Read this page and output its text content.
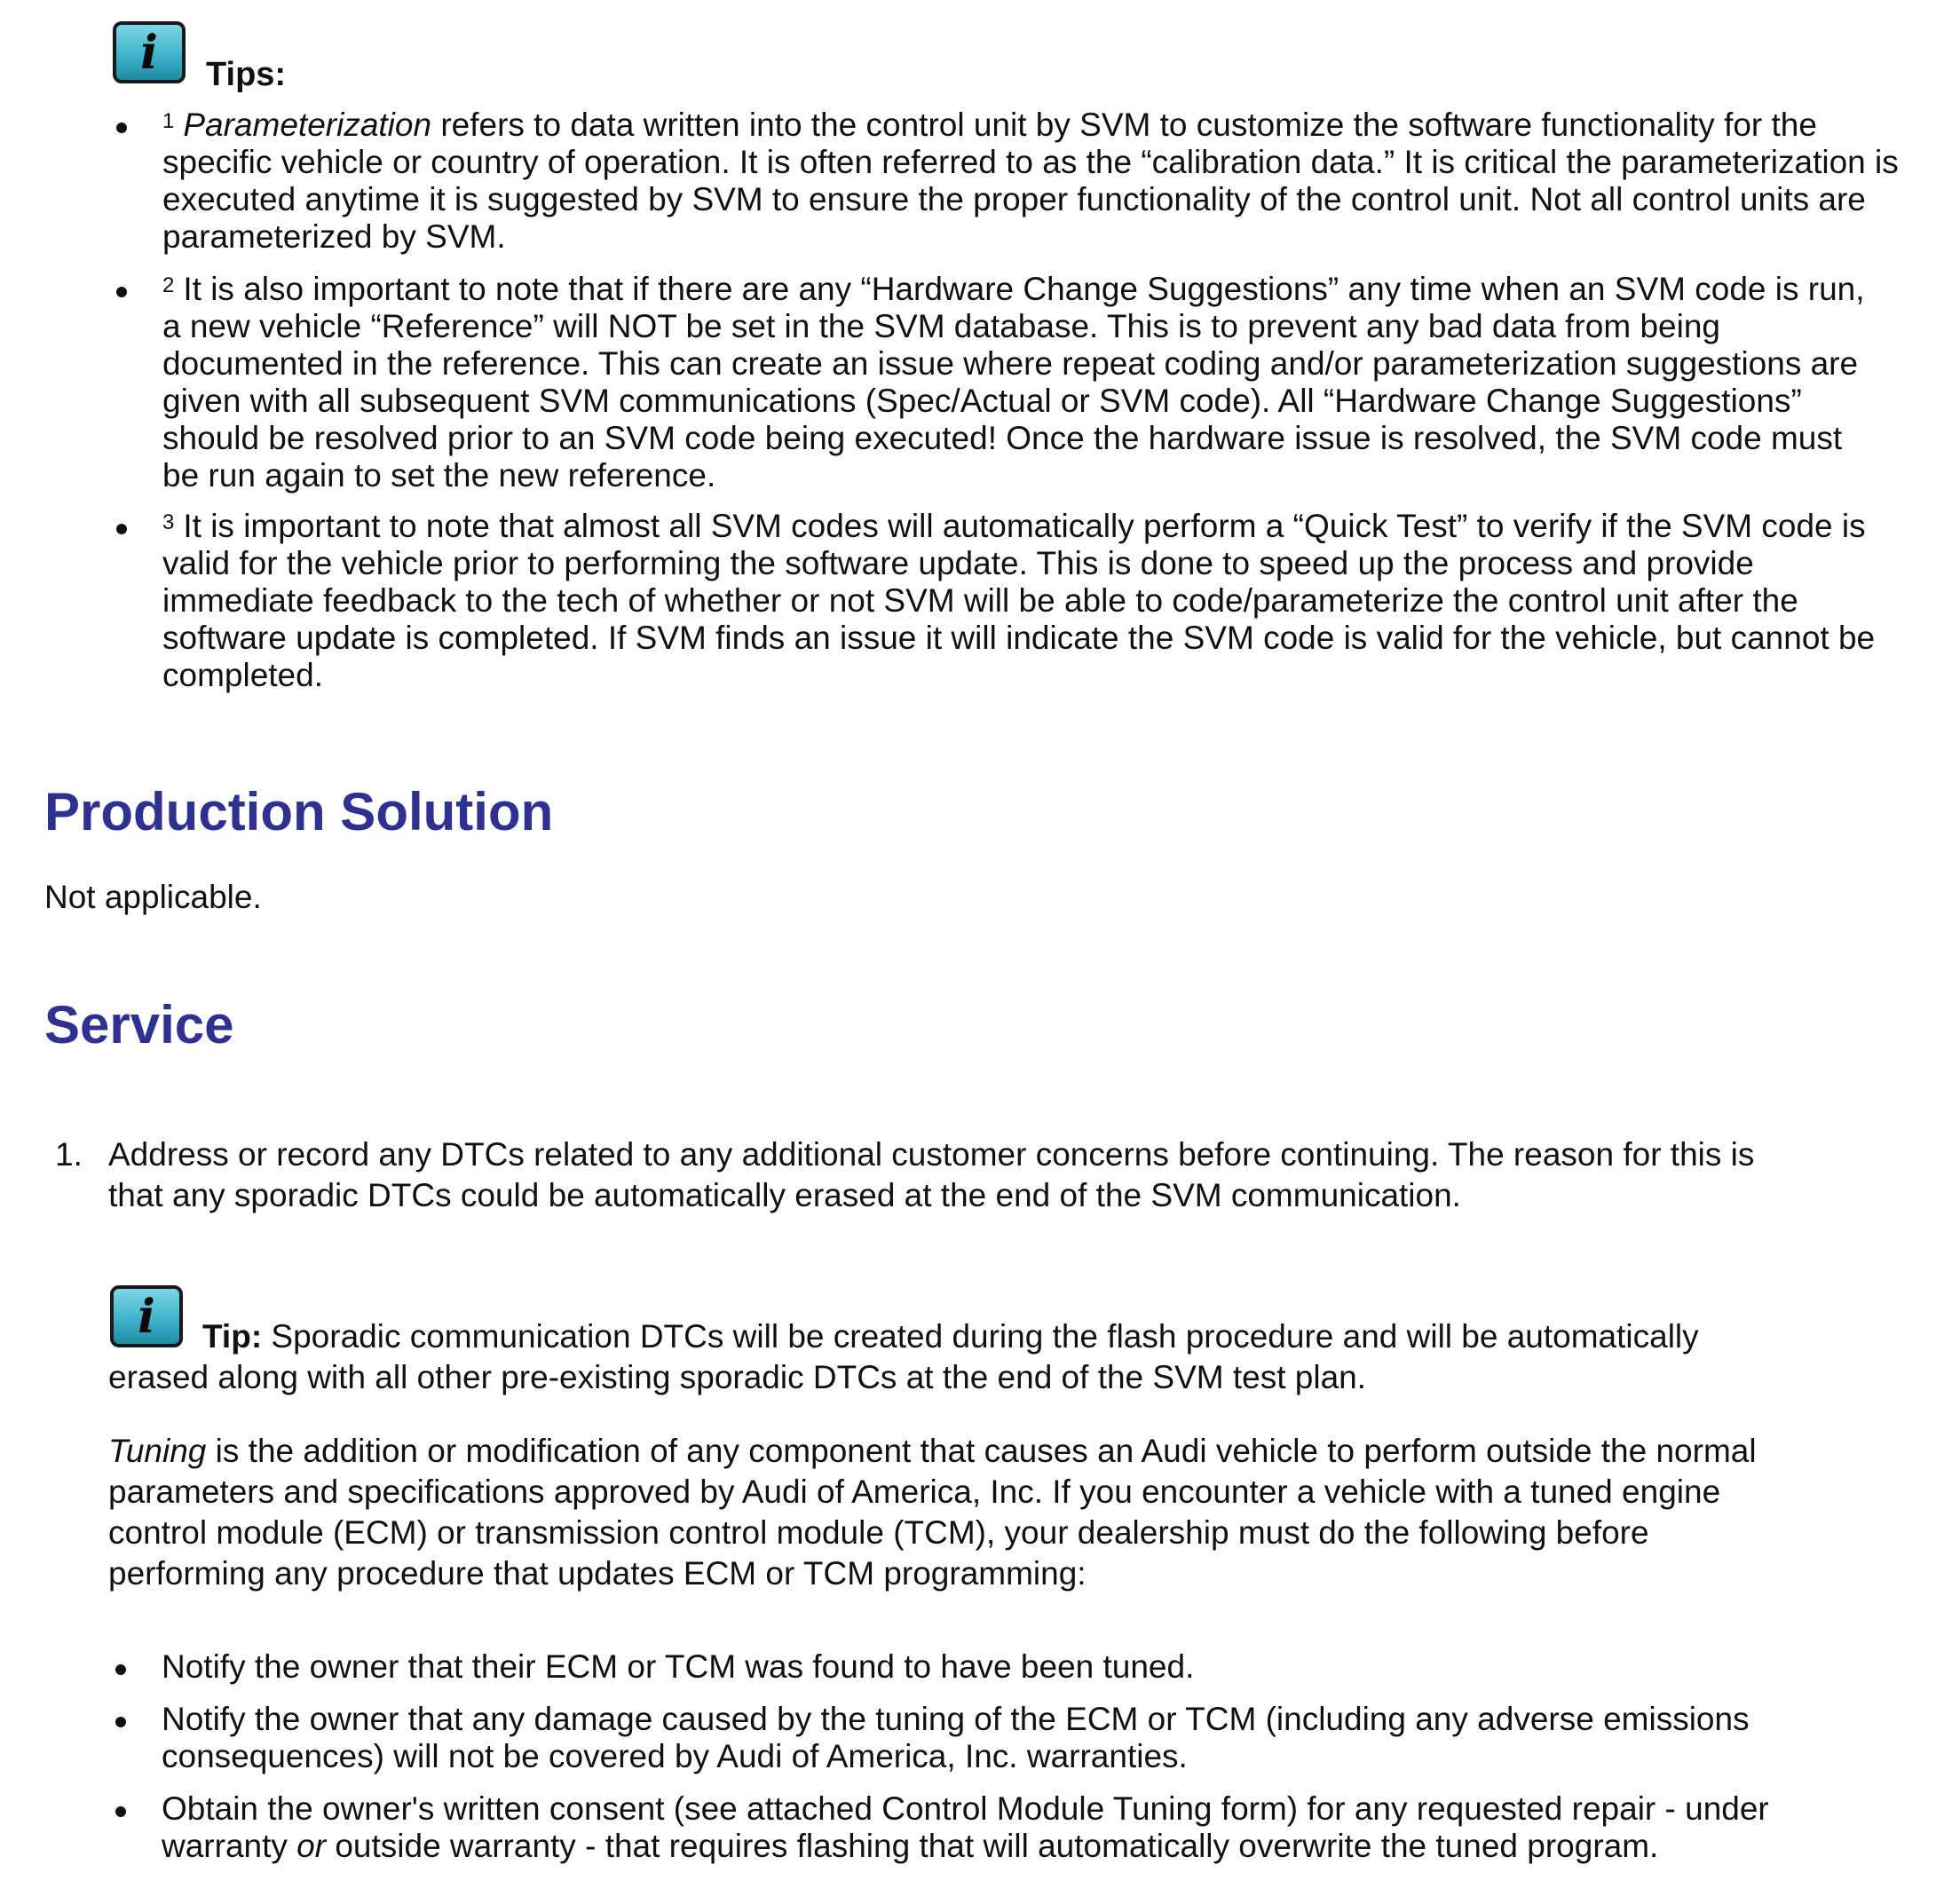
i	Tips:
$^1$ Parameterization refers to data written into the control unit by SVM to customize the software functionality for the specific vehicle or country of operation. It is often referred to as the “calibration data.” It is critical the parameterization is executed anytime it is suggested by SVM to ensure the proper functionality of the control unit. Not all control units are parameterized by SVM.
$^2$ It is also important to note that if there are any “Hardware Change Suggestions” any time when an SVM code is run, a new vehicle “Reference” will NOT be set in the SVM database. This is to prevent any bad data from being documented in the reference. This can create an issue where repeat coding and/or parameterization suggestions are given with all subsequent SVM communications (Spec/Actual or SVM code). All “Hardware Change Suggestions” should be resolved prior to an SVM code being executed! Once the hardware issue is resolved, the SVM code must be run again to set the new reference.
$^3$ It is important to note that almost all SVM codes will automatically perform a “Quick Test” to verify if the SVM code is valid for the vehicle prior to performing the software update. This is done to speed up the process and provide immediate feedback to the tech of whether or not SVM will be able to code/parameterize the control unit after the software update is completed. If SVM finds an issue it will indicate the SVM code is valid for the vehicle, but cannot be completed.
Production Solution

Not applicable.

Service
1. Address or record any DTCs related to any additional customer concerns before continuing. The reason for this is that any sporadic DTCs could be automatically erased at the end of the SVM communication.

i	Tip: Sporadic communication DTCs will be created during the flash procedure and will be automatically erased along with all other pre-existing sporadic DTCs at the end of the SVM test plan.

Tuning is the addition or modification of any component that causes an Audi vehicle to perform outside the normal parameters and specifications approved by Audi of America, Inc. If you encounter a vehicle with a tuned engine control module (ECM) or transmission control module (TCM), your dealership must do the following before performing any procedure that updates ECM or TCM programming:

Notify the owner that their ECM or TCM was found to have been tuned.
Notify the owner that any damage caused by the tuning of the ECM or TCM (including any adverse emissions consequences) will not be covered by Audi of America, Inc. warranties.
Obtain the owner's written consent (see attached Control Module Tuning form) for any requested repair - under warranty or outside warranty - that requires flashing that will automatically overwrite the tuned program.
